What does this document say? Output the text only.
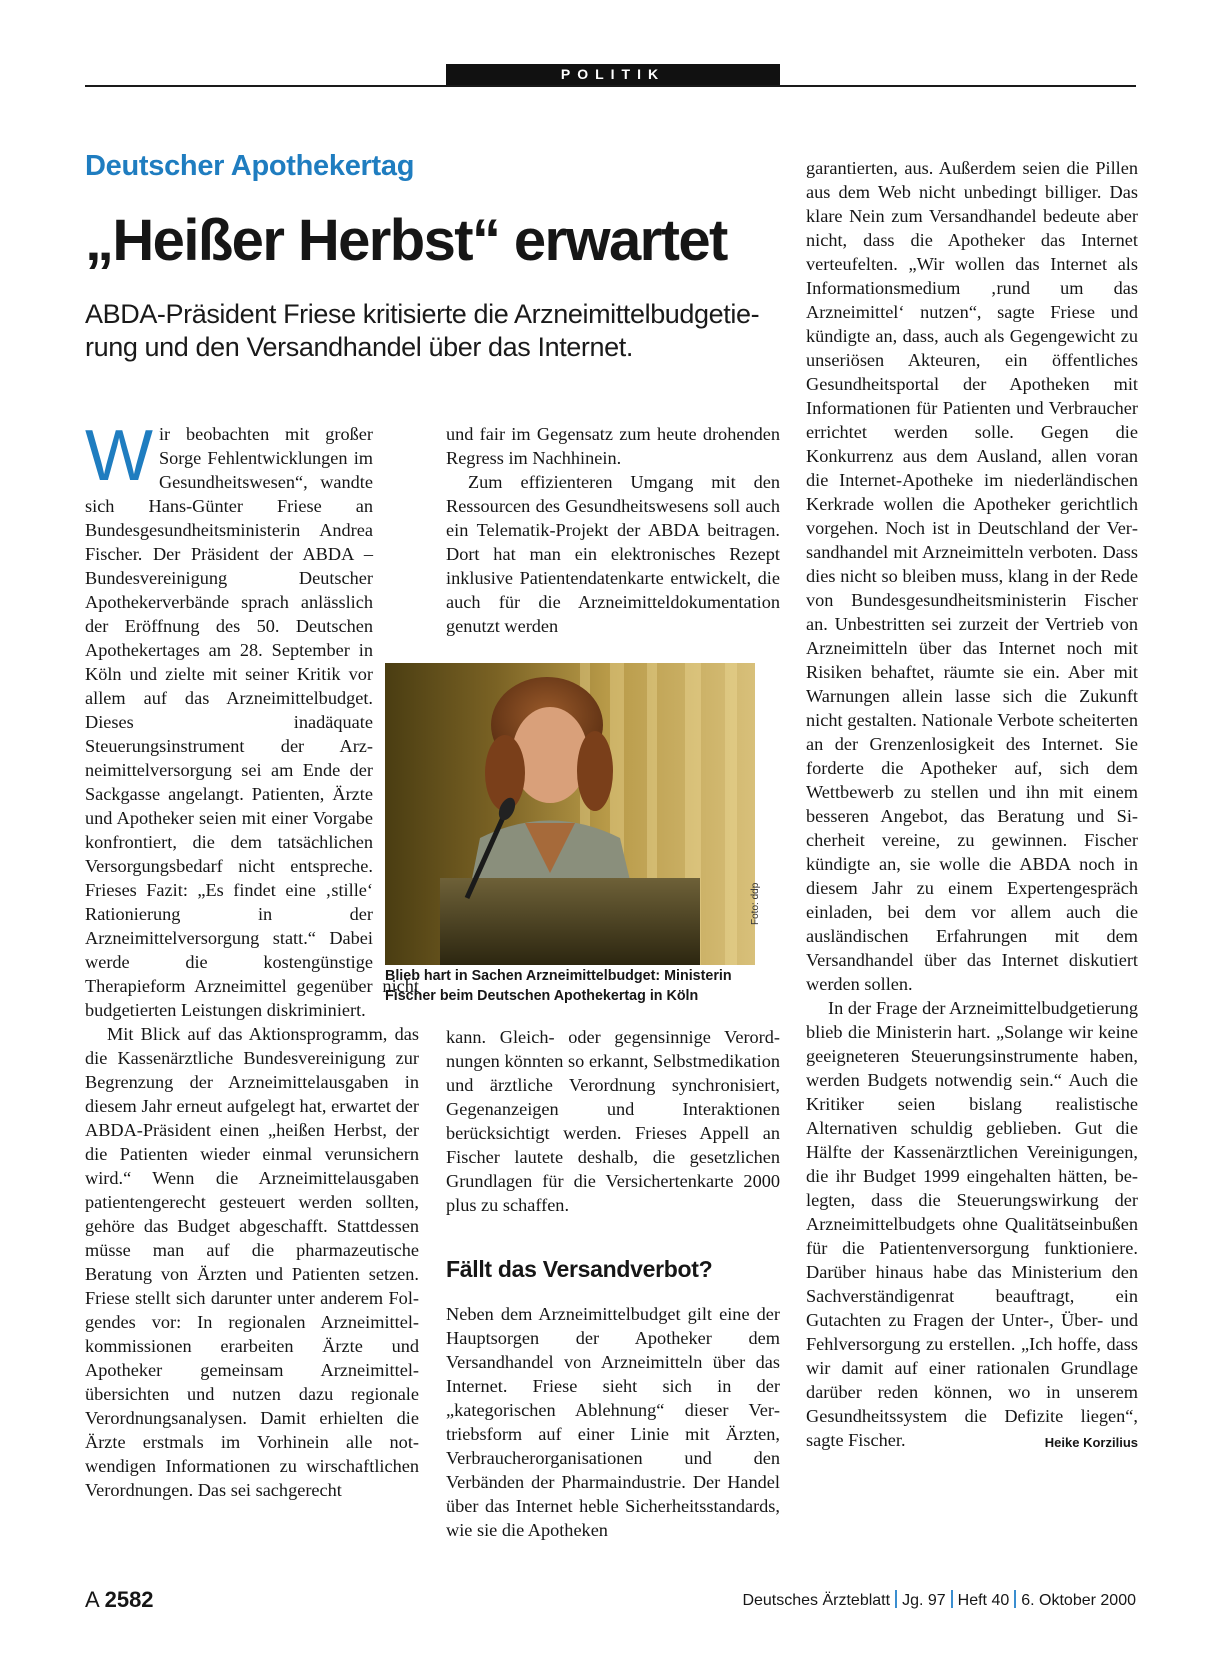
POLITIK
Deutscher Apothekertag
„Heißer Herbst“ erwartet
ABDA-Präsident Friese kritisierte die Arzneimittelbudgetierung und den Versandhandel über das Internet.

Wir beobachten mit großer Sorge Fehlentwicklungen im Gesundheitswesen“, wandte sich Hans-Günter Friese an Bundesgesundheitsministerin Andrea Fischer. Der Präsident der ABDA – Bundesvereinigung Deutscher Apothekerverbände sprach anlässlich der Eröffnung des 50. Deutschen Apothekertages am 28. September in Köln und zielte mit seiner Kritik vor allem auf das Arzneimittelbudget. Dieses inadäquate Steuerungsinstrument der Arzneimittelversorgung sei am Ende der Sackgasse angelangt. Patienten, Ärzte und Apotheker seien mit einer Vorgabe konfrontiert, die dem tatsächlichen Versorgungsbedarf nicht entspreche. Frieses Fazit: „Es findet eine ‚stille‘ Rationierung in der Arzneimittelversorgung statt.“ Dabei werde die kostengünstige Therapieform Arzneimittel gegenüber nicht budgetierten Leistungen diskriminiert.

Mit Blick auf das Aktionsprogramm, das die Kassenärztliche Bundesvereinigung zur Begrenzung der Arzneimittelausgaben in diesem Jahr erneut aufgelegt hat, erwartet der ABDA-Präsident einen „heißen Herbst, der die Patienten wieder einmal verunsichern wird.“ Wenn die Arzneimittelausgaben patientengerecht gesteuert werden sollten, gehöre das Budget abgeschafft. Stattdessen müsse man auf die pharmazeutische Beratung von Ärzten und Patienten setzen. Friese stellt sich darunter unter anderem Folgendes vor: In regionalen Arzneimittelkommissionen erarbeiten Ärzte und Apotheker gemeinsam Arzneimittelübersichten und nutzen dazu regionale Verordnungsanalysen. Damit erhielten die Ärzte erstmals im Vorhinein alle notwendigen Informationen zu wirschaftlichen Verordnungen. Das sei sachgerecht

und fair im Gegensatz zum heute drohenden Regress im Nachhinein.

Zum effizienteren Umgang mit den Ressourcen des Gesundheitswesens soll auch ein Telematik-Projekt der ABDA beitragen. Dort hat man ein elektronisches Rezept inklusive Patientendatenkarte entwickelt, die auch für die Arzneimitteldokumentation genutzt werden

Foto: ddp
Blieb hart in Sachen Arzneimittelbudget: Ministerin Fischer beim Deutschen Apothekertag in Köln

kann. Gleich- oder gegensinnige Verordnungen könnten so erkannt, Selbstmedikation und ärztliche Verordnung synchronisiert, Gegenanzeigen und Interaktionen berücksichtigt werden. Frieses Appell an Fischer lautete deshalb, die gesetzlichen Grundlagen für die Versichertenkarte 2000 plus zu schaffen.

Fällt das Versandverbot?

Neben dem Arzneimittelbudget gilt eine der Hauptsorgen der Apotheker dem Versandhandel von Arzneimitteln über das Internet. Friese sieht sich in der „kategorischen Ablehnung“ dieser Vertriebsform auf einer Linie mit Ärzten, Verbraucherorganisationen und den Verbänden der Pharmaindustrie. Der Handel über das Internet heble Sicherheitsstandards, wie sie die Apotheken

garantierten, aus. Außerdem seien die Pillen aus dem Web nicht unbedingt billiger. Das klare Nein zum Versandhandel bedeute aber nicht, dass die Apotheker das Internet verteufelten. „Wir wollen das Internet als Informationsmedium ‚rund um das Arzneimittel‘ nutzen“, sagte Friese und kündigte an, dass, auch als Gegengewicht zu unseriösen Akteuren, ein öffentliches Gesundheitsportal der Apotheken mit Informationen für Patienten und Verbraucher errichtet werden solle. Gegen die Konkurrenz aus dem Ausland, allen voran die Internet-Apotheke im niederländischen Kerkrade wollen die Apotheker gerichtlich vorgehen. Noch ist in Deutschland der Versandhandel mit Arzneimitteln verboten. Dass dies nicht so bleiben muss, klang in der Rede von Bundesgesundheitsministerin Fischer an. Unbestritten sei zurzeit der Vertrieb von Arzneimitteln über das Internet noch mit Risiken behaftet, räumte sie ein. Aber mit Warnungen allein lasse sich die Zukunft nicht gestalten. Nationale Verbote scheiterten an der Grenzenlosigkeit des Internet. Sie forderte die Apotheker auf, sich dem Wettbewerb zu stellen und ihn mit einem besseren Angebot, das Beratung und Sicherheit vereine, zu gewinnen. Fischer kündigte an, sie wolle die ABDA noch in diesem Jahr zu einem Expertengespräch einladen, bei dem vor allem auch die ausländischen Erfahrungen mit dem Versandhandel über das Internet diskutiert werden sollen.

In der Frage der Arzneimittelbudgetierung blieb die Ministerin hart. „Solange wir keine geeigneteren Steuerungsinstrumente haben, werden Budgets notwendig sein.“ Auch die Kritiker seien bislang realistische Alternativen schuldig geblieben. Gut die Hälfte der Kassenärztlichen Vereinigungen, die ihr Budget 1999 eingehalten hätten, belegten, dass die Steuerungswirkung der Arzneimittelbudgets ohne Qualitätseinbußen für die Patientenversorgung funktioniere. Darüber hinaus habe das Ministerium den Sachverständigenrat beauftragt, ein Gutachten zu Fragen der Unter-, Über- und Fehlversorgung zu erstellen. „Ich hoffe, dass wir damit auf einer rationalen Grundlage darüber reden können, wo in unserem Gesundheitssystem die Defizite liegen“, sagte Fischer.	Heike Korzilius

A 2582	Deutsches Ärzteblatt Jg. 97 Heft 40 6. Oktober 2000
